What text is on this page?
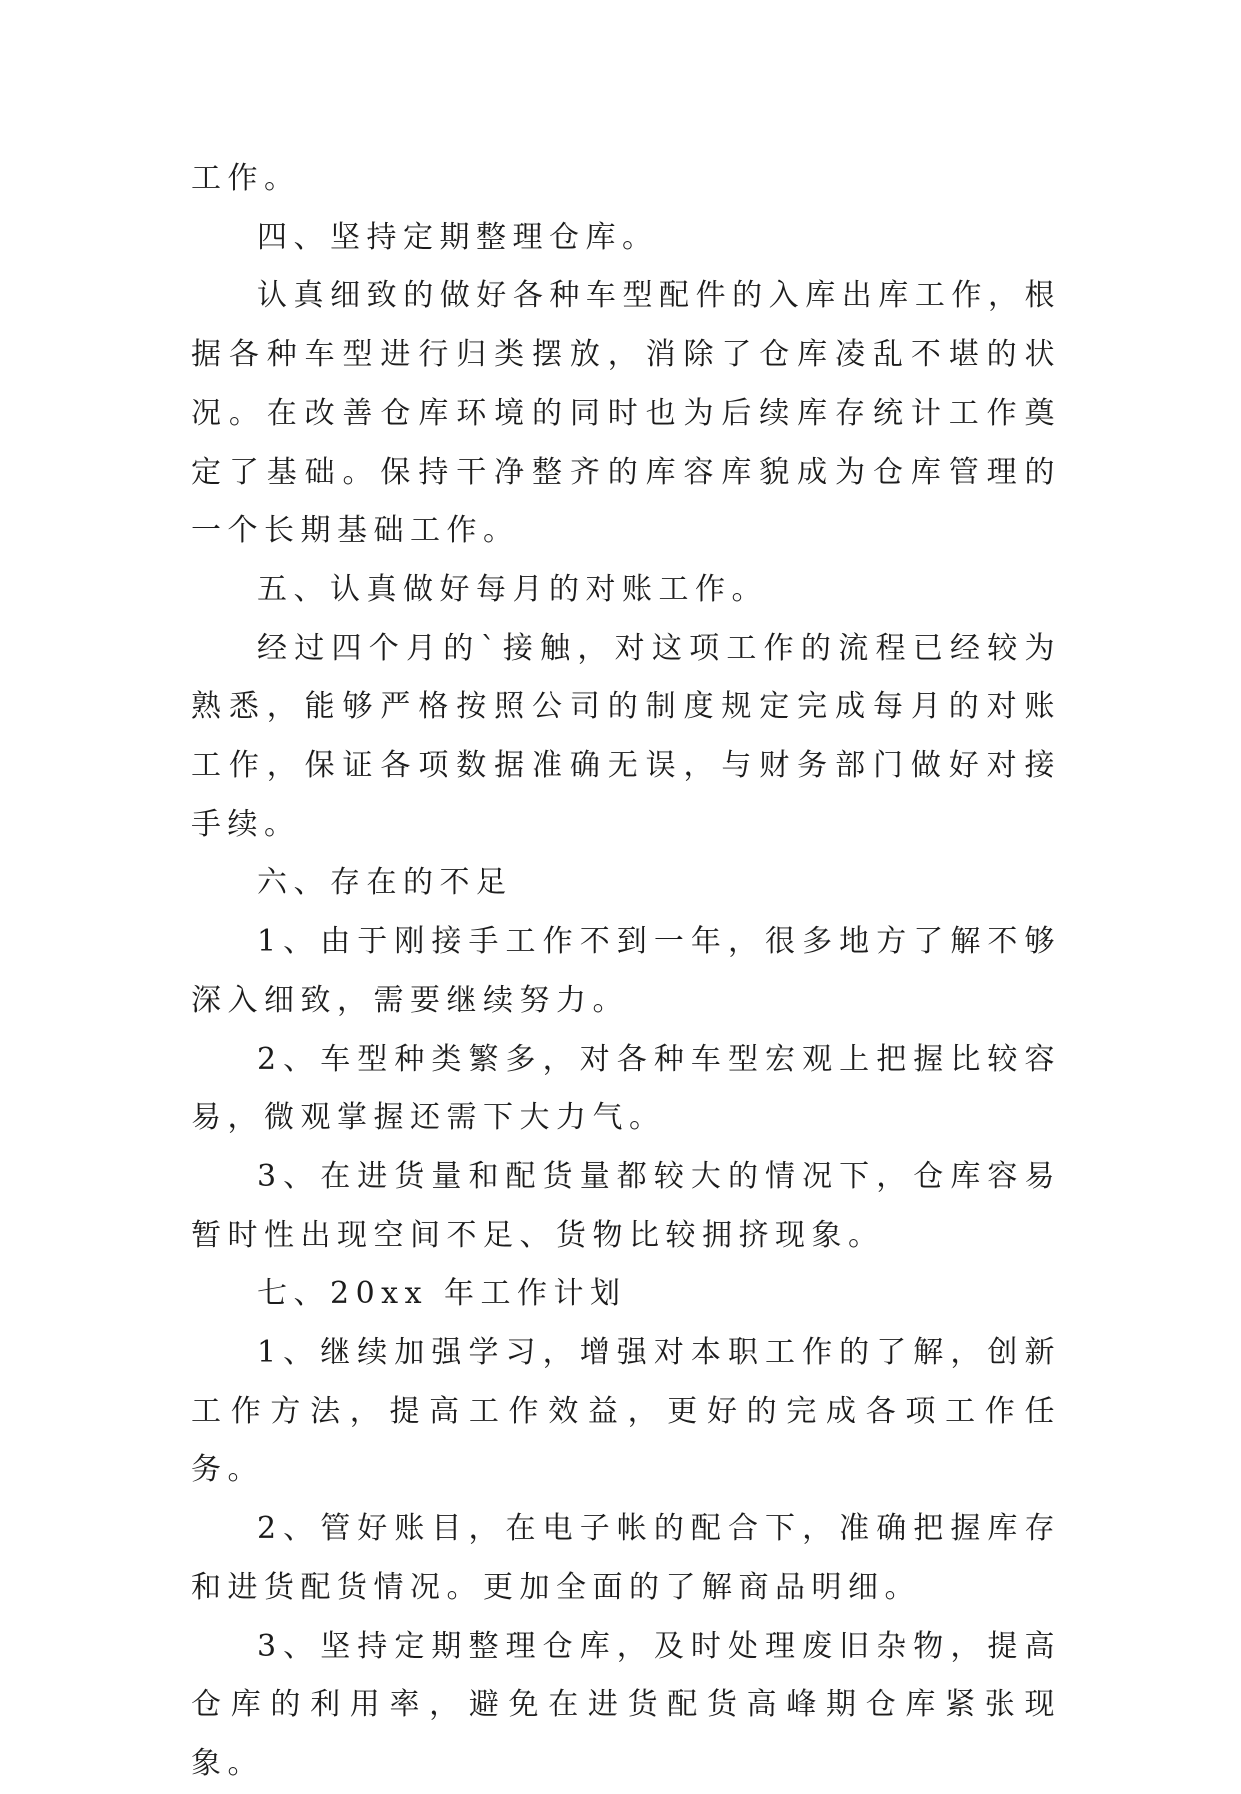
工作。

四、坚持定期整理仓库。

认真细致的做好各种车型配件的入库出库工作，根据各种车型进行归类摆放，消除了仓库凌乱不堪的状况。在改善仓库环境的同时也为后续库存统计工作奠定了基础。保持干净整齐的库容库貌成为仓库管理的一个长期基础工作。

五、认真做好每月的对账工作。

经过四个月的`接触，对这项工作的流程已经较为熟悉，能够严格按照公司的制度规定完成每月的对账工作，保证各项数据准确无误，与财务部门做好对接手续。

六、存在的不足

1、由于刚接手工作不到一年，很多地方了解不够深入细致，需要继续努力。

2、车型种类繁多，对各种车型宏观上把握比较容易，微观掌握还需下大力气。

3、在进货量和配货量都较大的情况下，仓库容易暂时性出现空间不足、货物比较拥挤现象。

七、20xx 年工作计划

1、继续加强学习，增强对本职工作的了解，创新工作方法，提高工作效益，更好的完成各项工作任务。

2、管好账目，在电子帐的配合下，准确把握库存和进货配货情况。更加全面的了解商品明细。

3、坚持定期整理仓库，及时处理废旧杂物，提高仓库的利用率，避免在进货配货高峰期仓库紧张现象。
